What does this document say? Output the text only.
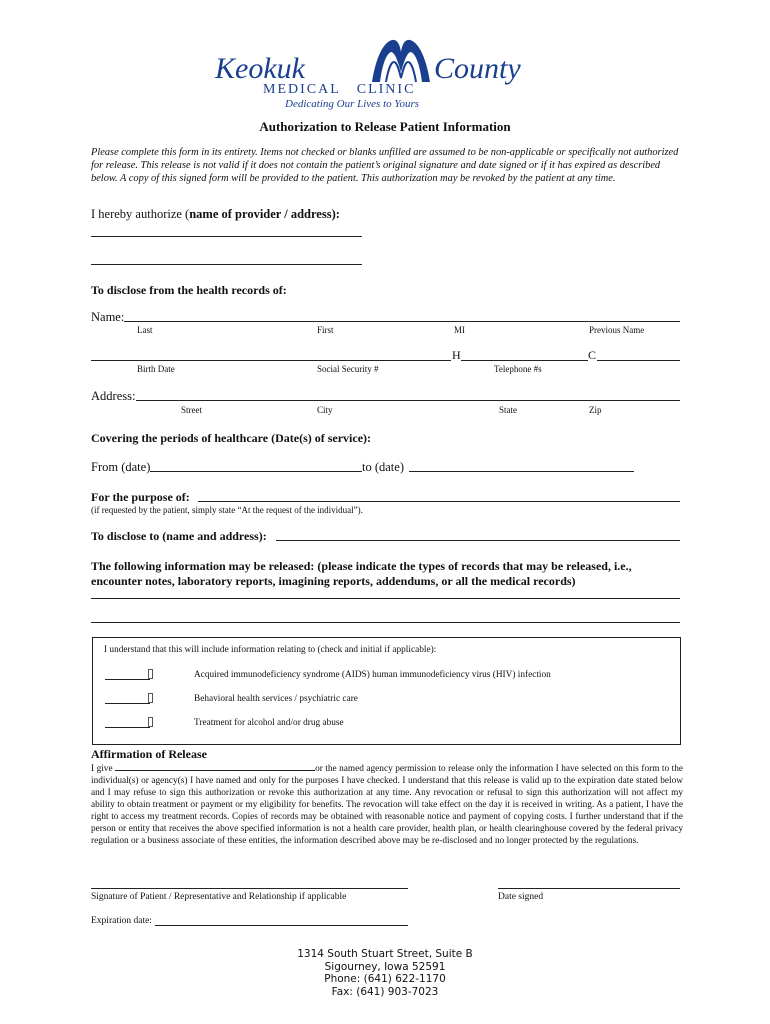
Keokuk	County
MEDICAL   CLINIC
Dedicating Our Lives to Yours
Authorization to Release Patient Information
Please complete this form in its entirety. Items not checked or blanks unfilled are assumed to be non-applicable or specifically not authorized for release. This release is not valid if it does not contain the patient’s original signature and date signed or if it has expired as described below. A copy of this signed form will be provided to the patient. This authorization may be revoked by the patient at any time.
I hereby authorize (name of provider / address):
To disclose from the health records of:
Name:
Last	First	MI	Previous Name
H	C
Birth Date	Social Security #	Telephone #s
Address:
Street	City	State	Zip
Covering the periods of healthcare (Date(s) of service):
From (date)	to (date)
For the purpose of:
(if requested by the patient, simply state “At the request of the individual”).
To disclose to (name and address):
The following information may be released: (please indicate the types of records that may be released, i.e., encounter notes, laboratory reports, imagining reports, addendums, or all the medical records)
I understand that this will include information relating to (check and initial if applicable):
Acquired immunodeficiency syndrome (AIDS) human immunodeficiency virus (HIV) infection
Behavioral health services / psychiatric care
Treatment for alcohol and/or drug abuse
Affirmation of Release
I give	or the named agency permission to release only the information I have selected on this form to the individual(s) or agency(s) I have named and only for the purposes I have checked. I understand that this release is valid up to the expiration date stated below and I may refuse to sign this authorization or revoke this authorization at any time. Any revocation or refusal to sign this authorization will not affect my ability to obtain treatment or payment or my eligibility for benefits. The revocation will take effect on the day it is received in writing. As a patient, I have the right to access my treatment records. Copies of records may be obtained with reasonable notice and payment of copying costs. I further understand that if the person or entity that receives the above specified information is not a health care provider, health plan, or health clearinghouse covered by the federal privacy regulation or a business associate of these entities, the information described above may be re-disclosed and no longer protected by the regulations.
Signature of Patient / Representative and Relationship if applicable	Date signed
Expiration date:
1314 South Stuart Street, Suite B
Sigourney, Iowa 52591
Phone: (641) 622-1170
Fax: (641) 903-7023
